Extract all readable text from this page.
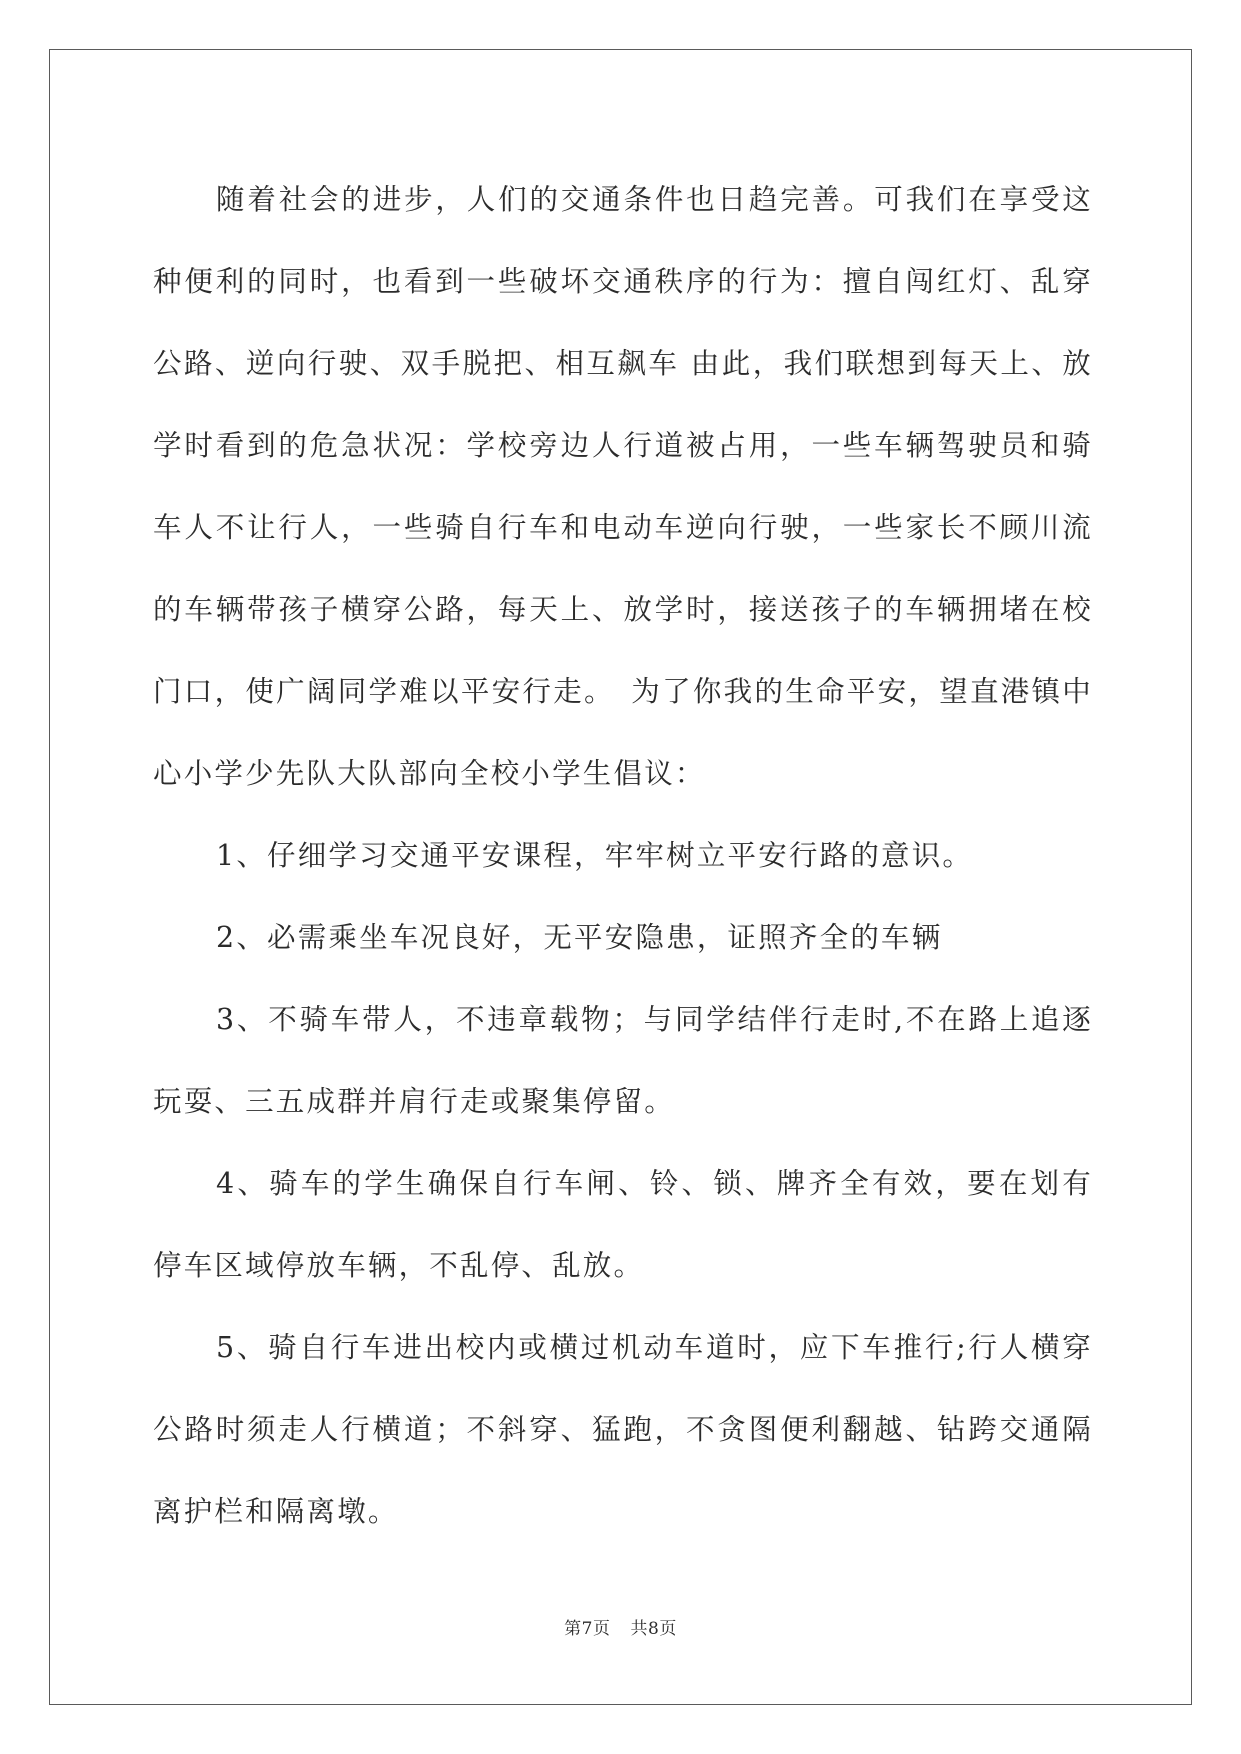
随着社会的进步，人们的交通条件也日趋完善。可我们在享受这种便利的同时，也看到一些破坏交通秩序的行为：擅自闯红灯、乱穿公路、逆向行驶、双手脱把、相互飙车 由此，我们联想到每天上、放学时看到的危急状况：学校旁边人行道被占用，一些车辆驾驶员和骑车人不让行人，一些骑自行车和电动车逆向行驶，一些家长不顾川流的车辆带孩子横穿公路，每天上、放学时，接送孩子的车辆拥堵在校门口，使广阔同学难以平安行走。　为了你我的生命平安，望直港镇中心小学少先队大队部向全校小学生倡议：

1、仔细学习交通平安课程，牢牢树立平安行路的意识。

2、必需乘坐车况良好，无平安隐患，证照齐全的车辆

3、不骑车带人，不违章载物；与同学结伴行走时,不在路上追逐玩耍、三五成群并肩行走或聚集停留。

4、骑车的学生确保自行车闸、铃、锁、牌齐全有效，要在划有停车区域停放车辆，不乱停、乱放。

5、骑自行车进出校内或横过机动车道时，应下车推行;行人横穿公路时须走人行横道；不斜穿、猛跑，不贪图便利翻越、钻跨交通隔离护栏和隔离墩。

第7页 共8页
